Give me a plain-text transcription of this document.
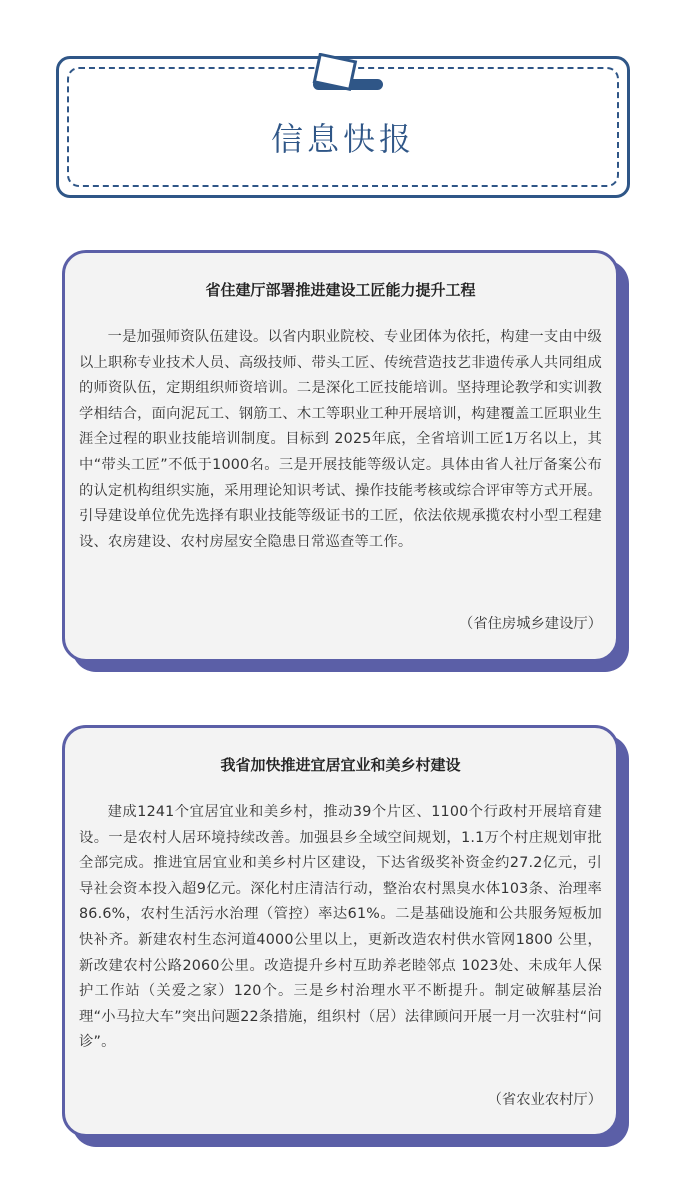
信息快报
省住建厅部署推进建设工匠能力提升工程

一是加强师资队伍建设。以省内职业院校、专业团体为依托，构建一支由中级以上职称专业技术人员、高级技师、带头工匠、传统营造技艺非遗传承人共同组成的师资队伍，定期组织师资培训。二是深化工匠技能培训。坚持理论教学和实训教学相结合，面向泥瓦工、钢筋工、木工等职业工种开展培训，构建覆盖工匠职业生涯全过程的职业技能培训制度。目标到 2025年底，全省培训工匠1万名以上，其中“带头工匠”不低于1000名。三是开展技能等级认定。具体由省人社厅备案公布的认定机构组织实施，采用理论知识考试、操作技能考核或综合评审等方式开展。引导建设单位优先选择有职业技能等级证书的工匠，依法依规承揽农村小型工程建设、农房建设、农村房屋安全隐患日常巡查等工作。

（省住房城乡建设厅）
我省加快推进宜居宜业和美乡村建设

建成1241个宜居宜业和美乡村，推动39个片区、1100个行政村开展培育建设。一是农村人居环境持续改善。加强县乡全域空间规划，1.1万个村庄规划审批全部完成。推进宜居宜业和美乡村片区建设，下达省级奖补资金约27.2亿元，引导社会资本投入超9亿元。深化村庄清洁行动，整治农村黑臭水体103条、治理率86.6%，农村生活污水治理（管控）率达61%。二是基础设施和公共服务短板加快补齐。新建农村生态河道4000公里以上，更新改造农村供水管网1800 公里，新改建农村公路2060公里。改造提升乡村互助养老睦邻点 1023处、未成年人保护工作站（关爱之家）120个。三是乡村治理水平不断提升。制定破解基层治理“小马拉大车”突出问题22条措施，组织村（居）法律顾问开展一月一次驻村“问诊”。

（省农业农村厅）
